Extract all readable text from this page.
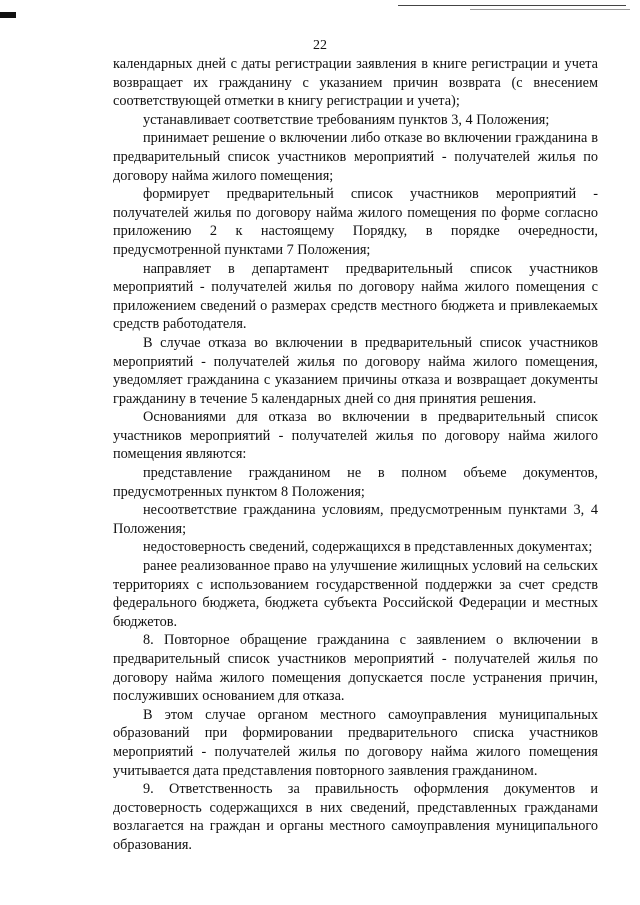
22

календарных дней с даты регистрации заявления в книге регистрации и учета возвращает их гражданину с указанием причин возврата (с внесением соответствующей отметки в книгу регистрации и учета);

устанавливает соответствие требованиям пунктов 3, 4 Положения;

принимает решение о включении либо отказе во включении гражданина в предварительный список участников мероприятий - получателей жилья по договору найма жилого помещения;

формирует предварительный список участников мероприятий - получателей жилья по договору найма жилого помещения по форме согласно приложению 2 к настоящему Порядку, в порядке очередности, предусмотренной пунктами 7 Положения;

направляет в департамент предварительный список участников мероприятий - получателей жилья по договору найма жилого помещения с приложением сведений о размерах средств местного бюджета и привлекаемых средств работодателя.

В случае отказа во включении в предварительный список участников мероприятий - получателей жилья по договору найма жилого помещения, уведомляет гражданина с указанием причины отказа и возвращает документы гражданину в течение 5 календарных дней со дня принятия решения.

Основаниями для отказа во включении в предварительный список участников мероприятий - получателей жилья по договору найма жилого помещения являются:

представление гражданином не в полном объеме документов, предусмотренных пунктом 8 Положения;

несоответствие гражданина условиям, предусмотренным пунктами 3, 4 Положения;

недостоверность сведений, содержащихся в представленных документах;

ранее реализованное право на улучшение жилищных условий на сельских территориях с использованием государственной поддержки за счет средств федерального бюджета, бюджета субъекта Российской Федерации и местных бюджетов.

8. Повторное обращение гражданина с заявлением о включении в предварительный список участников мероприятий - получателей жилья по договору найма жилого помещения допускается после устранения причин, послуживших основанием для отказа.

В этом случае органом местного самоуправления муниципальных образований при формировании предварительного списка участников мероприятий - получателей жилья по договору найма жилого помещения учитывается дата представления повторного заявления гражданином.

9. Ответственность за правильность оформления документов и достоверность содержащихся в них сведений, представленных гражданами возлагается на граждан и органы местного самоуправления муниципального образования.
